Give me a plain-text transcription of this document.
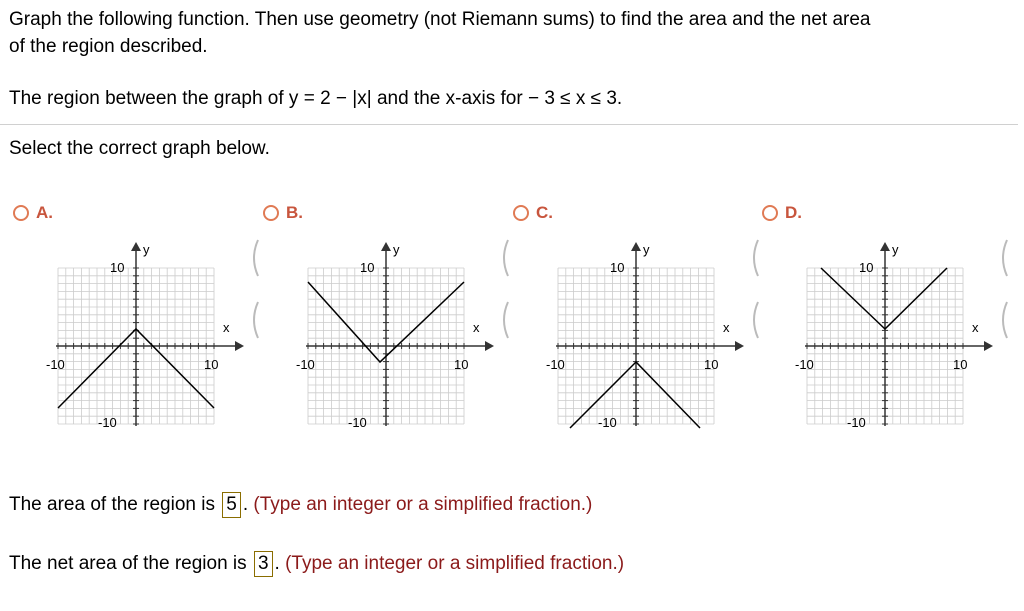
Graph the following function. Then use geometry (not Riemann sums) to find the area and the net area
of the region described.
The region between the graph of y = 2 − |x| and the x-axis for − 3 ≤ x ≤ 3.
Select the correct graph below.
A.	B.	C.	D.
y
x
10
-10	10
-10
y
x
10
-10	10
-10
y
x
10
-10	10
-10
y
x
10
-10	10
-10
The area of the region is 5 . (Type an integer or a simplified fraction.)
The net area of the region is 3 . (Type an integer or a simplified fraction.)
